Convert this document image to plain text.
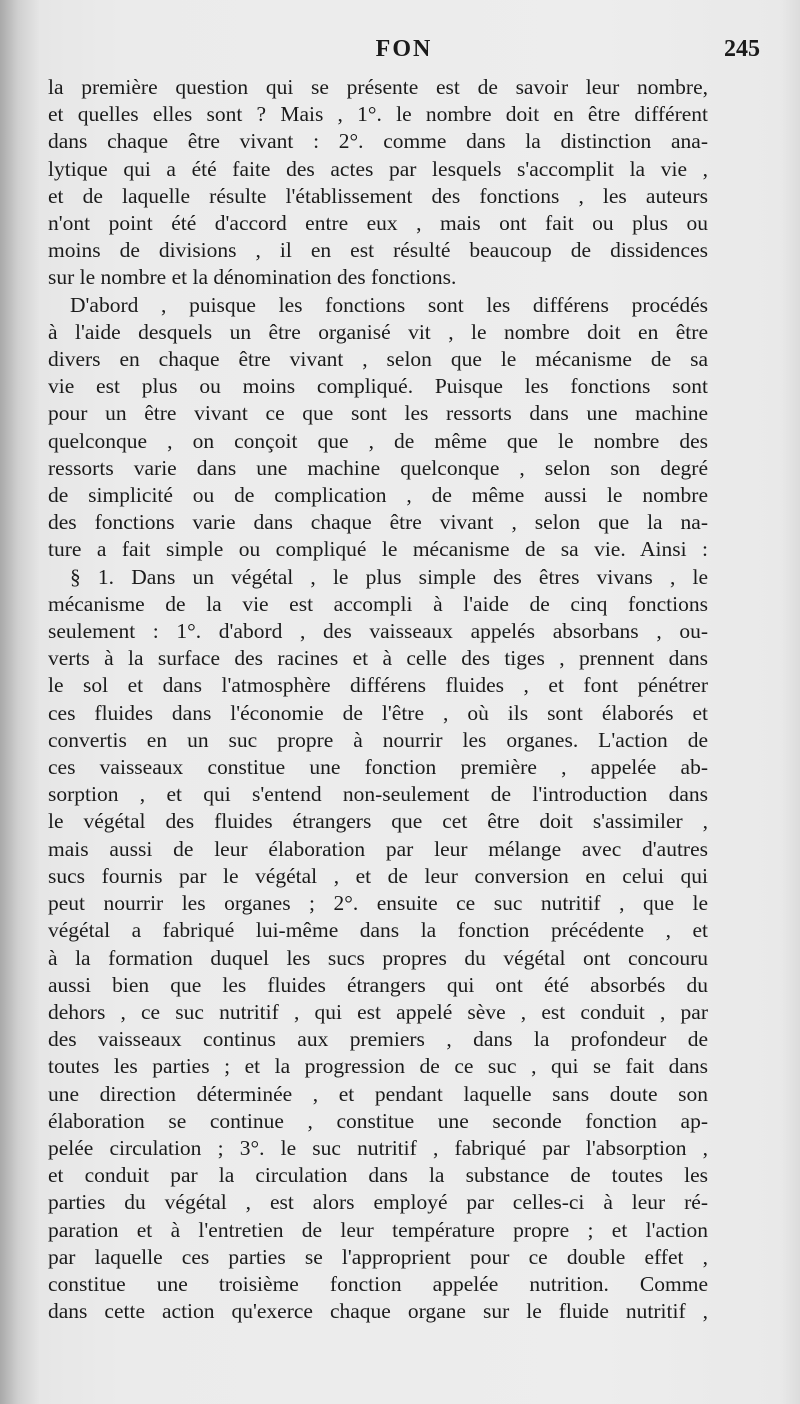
FON	245
la première question qui se présente est de savoir leur nombre,
et quelles elles sont ? Mais , 1°. le nombre doit en être différent
dans chaque être vivant : 2°. comme dans la distinction ana-
lytique qui a été faite des actes par lesquels s'accomplit la vie ,
et de laquelle résulte l'établissement des fonctions , les auteurs
n'ont point été d'accord entre eux , mais ont fait ou plus ou
moins de divisions , il en est résulté beaucoup de dissidences
sur le nombre et la dénomination des fonctions.
D'abord , puisque les fonctions sont les différens procédés
à l'aide desquels un être organisé vit , le nombre doit en être
divers en chaque être vivant , selon que le mécanisme de sa
vie est plus ou moins compliqué. Puisque les fonctions sont
pour un être vivant ce que sont les ressorts dans une machine
quelconque , on conçoit que , de même que le nombre des
ressorts varie dans une machine quelconque , selon son degré
de simplicité ou de complication , de même aussi le nombre
des fonctions varie dans chaque être vivant , selon que la na-
ture a fait simple ou compliqué le mécanisme de sa vie. Ainsi :
§ 1. Dans un végétal , le plus simple des êtres vivans , le
mécanisme de la vie est accompli à l'aide de cinq fonctions
seulement : 1°. d'abord , des vaisseaux appelés absorbans , ou-
verts à la surface des racines et à celle des tiges , prennent dans
le sol et dans l'atmosphère différens fluides , et font pénétrer
ces fluides dans l'économie de l'être , où ils sont élaborés et
convertis en un suc propre à nourrir les organes. L'action de
ces vaisseaux constitue une fonction première , appelée ab-
sorption , et qui s'entend non-seulement de l'introduction dans
le végétal des fluides étrangers que cet être doit s'assimiler ,
mais aussi de leur élaboration par leur mélange avec d'autres
sucs fournis par le végétal , et de leur conversion en celui qui
peut nourrir les organes ; 2°. ensuite ce suc nutritif , que le
végétal a fabriqué lui-même dans la fonction précédente , et
à la formation duquel les sucs propres du végétal ont concouru
aussi bien que les fluides étrangers qui ont été absorbés du
dehors , ce suc nutritif , qui est appelé sève , est conduit , par
des vaisseaux continus aux premiers , dans la profondeur de
toutes les parties ; et la progression de ce suc , qui se fait dans
une direction déterminée , et pendant laquelle sans doute son
élaboration se continue , constitue une seconde fonction ap-
pelée circulation ; 3°. le suc nutritif , fabriqué par l'absorption ,
et conduit par la circulation dans la substance de toutes les
parties du végétal , est alors employé par celles-ci à leur ré-
paration et à l'entretien de leur température propre ; et l'action
par laquelle ces parties se l'approprient pour ce double effet ,
constitue une troisième fonction appelée nutrition. Comme
dans cette action qu'exerce chaque organe sur le fluide nutritif ,
